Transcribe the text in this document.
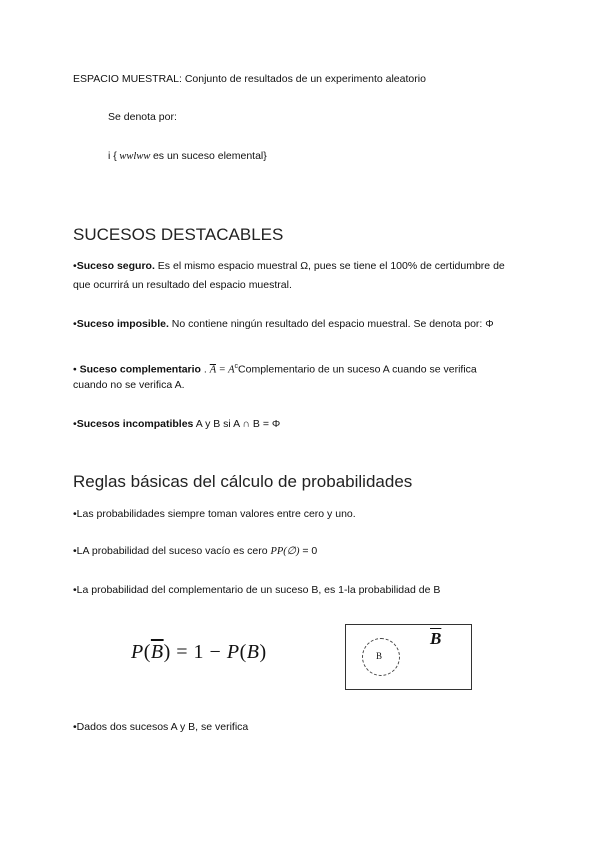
ESPACIO MUESTRAL: Conjunto de resultados de un experimento aleatorio
Se denota por:
i { wwlww es un suceso elemental}
SUCESOS DESTACABLES
•Suceso seguro. Es el mismo espacio muestral Ω, pues se tiene el 100% de certidumbre de
que ocurrirá un resultado del espacio muestral.
•Suceso imposible. No contiene ningún resultado del espacio muestral. Se denota por: Φ
• Suceso complementario . $\overline{A}$ = $A^cComplementario$ de un suceso A cuando se verifica
cuando no se verifica A.
•Sucesos incompatibles A y B si A ∩ B = Φ
Reglas básicas del cálculo de probabilidades
•Las probabilidades siempre toman valores entre cero y uno.
•LA probabilidad del suceso vacío es cero PP(∅) = 0
•La probabilidad del complementario de un suceso B, es 1-la probabilidad de B
$P(\overline{B}) = 1 - P(B)$	B
$\overline{B}$
•Dados dos sucesos A y B, se verifica
